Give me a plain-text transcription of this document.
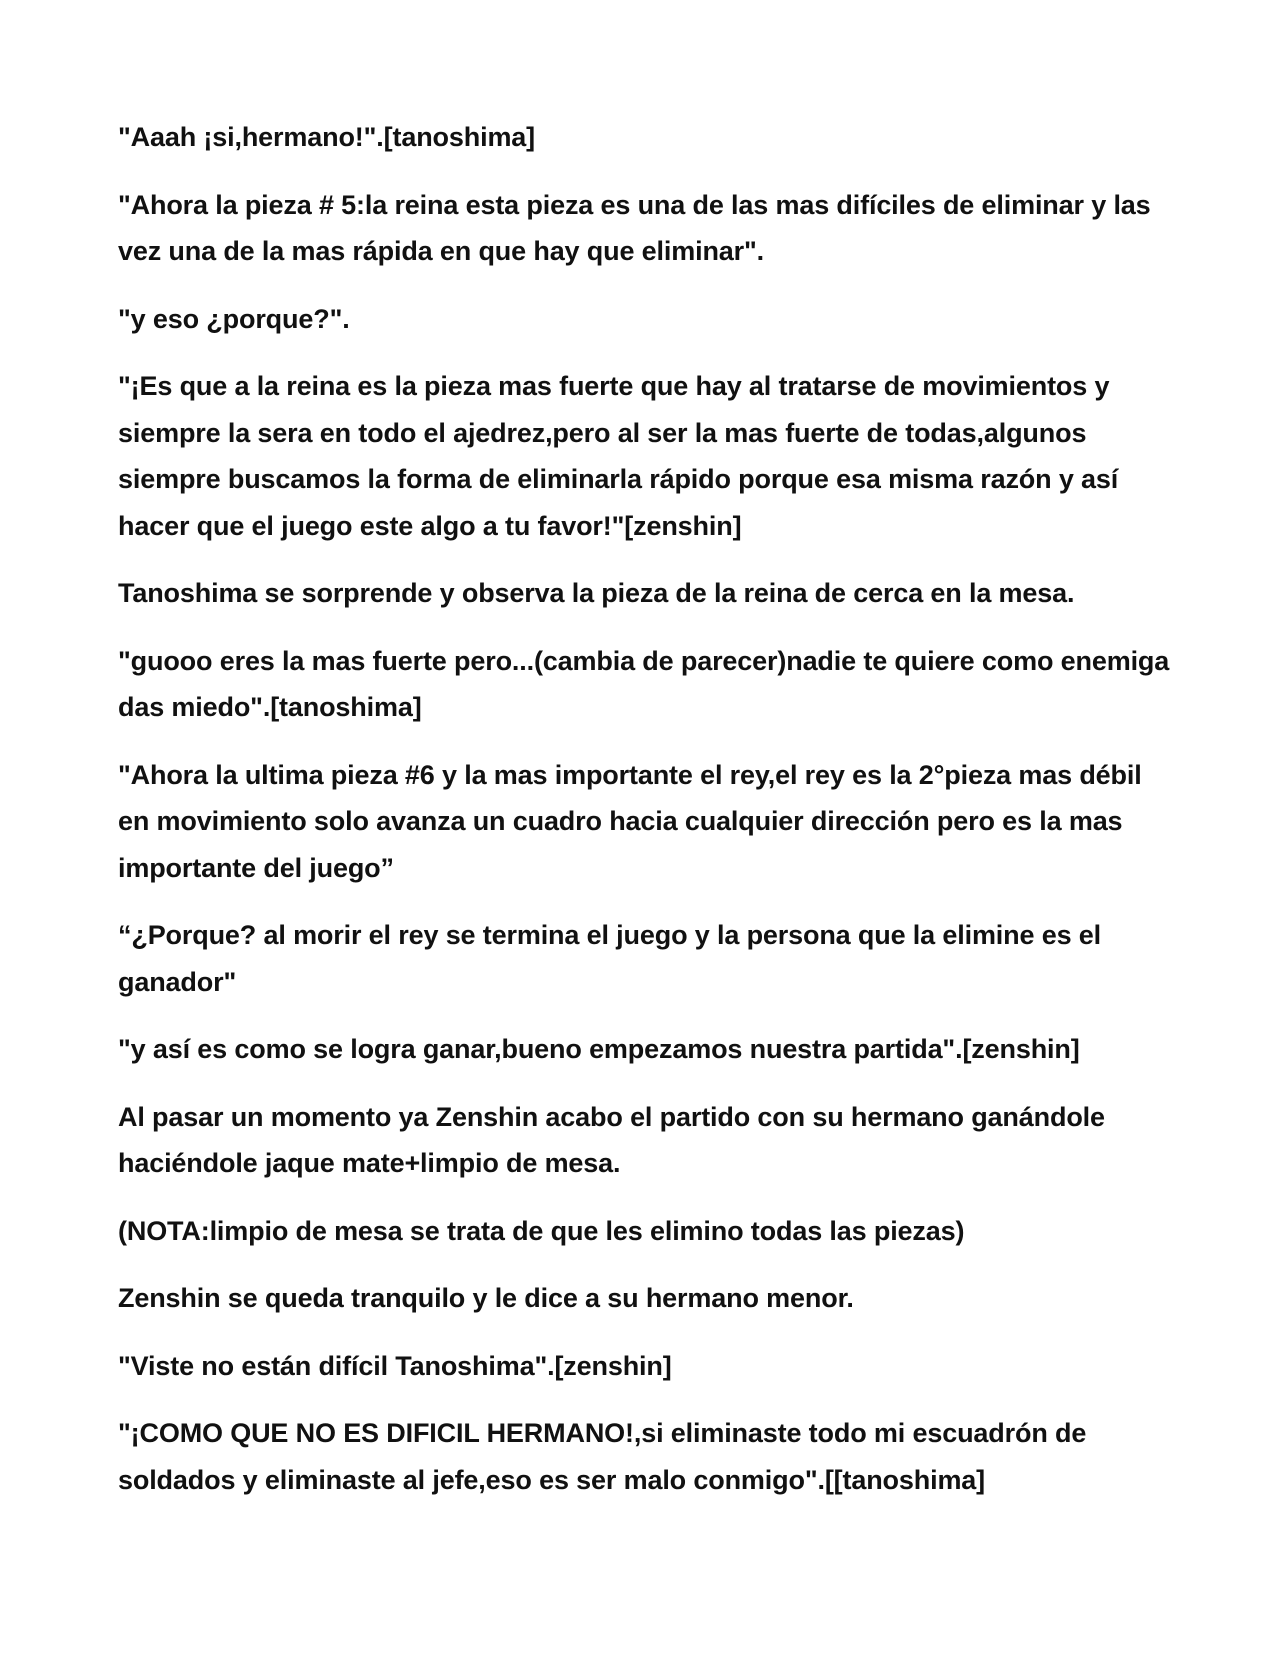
"Aaah ¡si,hermano!".[tanoshima]

"Ahora la pieza # 5:la reina esta pieza es una de las mas difíciles de eliminar y las vez una de la mas rápida en que hay que eliminar".

"y eso ¿porque?".

"¡Es que a la reina es la pieza mas fuerte que hay al tratarse de movimientos y siempre la sera en todo el ajedrez,pero al ser la mas fuerte de todas,algunos siempre buscamos la forma de eliminarla rápido porque esa misma razón y así hacer que el juego este algo a tu favor!"[zenshin]

Tanoshima se sorprende y observa la pieza de la reina de cerca en la mesa.

"guooo eres la mas fuerte pero...(cambia de parecer)nadie te quiere como enemiga das miedo".[tanoshima]

"Ahora la ultima pieza #6 y la mas importante el rey,el rey es la 2°pieza mas débil en movimiento solo avanza un cuadro hacia cualquier dirección pero es la mas importante del juego”

“¿Porque? al morir el rey se termina el juego y la persona que la elimine es el ganador"

"y así es como se logra ganar,bueno empezamos nuestra partida".[zenshin]

Al pasar un momento ya Zenshin acabo el partido con su hermano ganándole haciéndole jaque mate+limpio de mesa.

(NOTA:limpio de mesa se trata de que les elimino todas las piezas)

Zenshin se queda tranquilo y le dice a su hermano menor.

"Viste no están difícil Tanoshima".[zenshin]

"¡COMO QUE NO ES DIFICIL HERMANO!,si eliminaste todo mi escuadrón de soldados y eliminaste al jefe,eso es ser malo conmigo".[[tanoshima]
